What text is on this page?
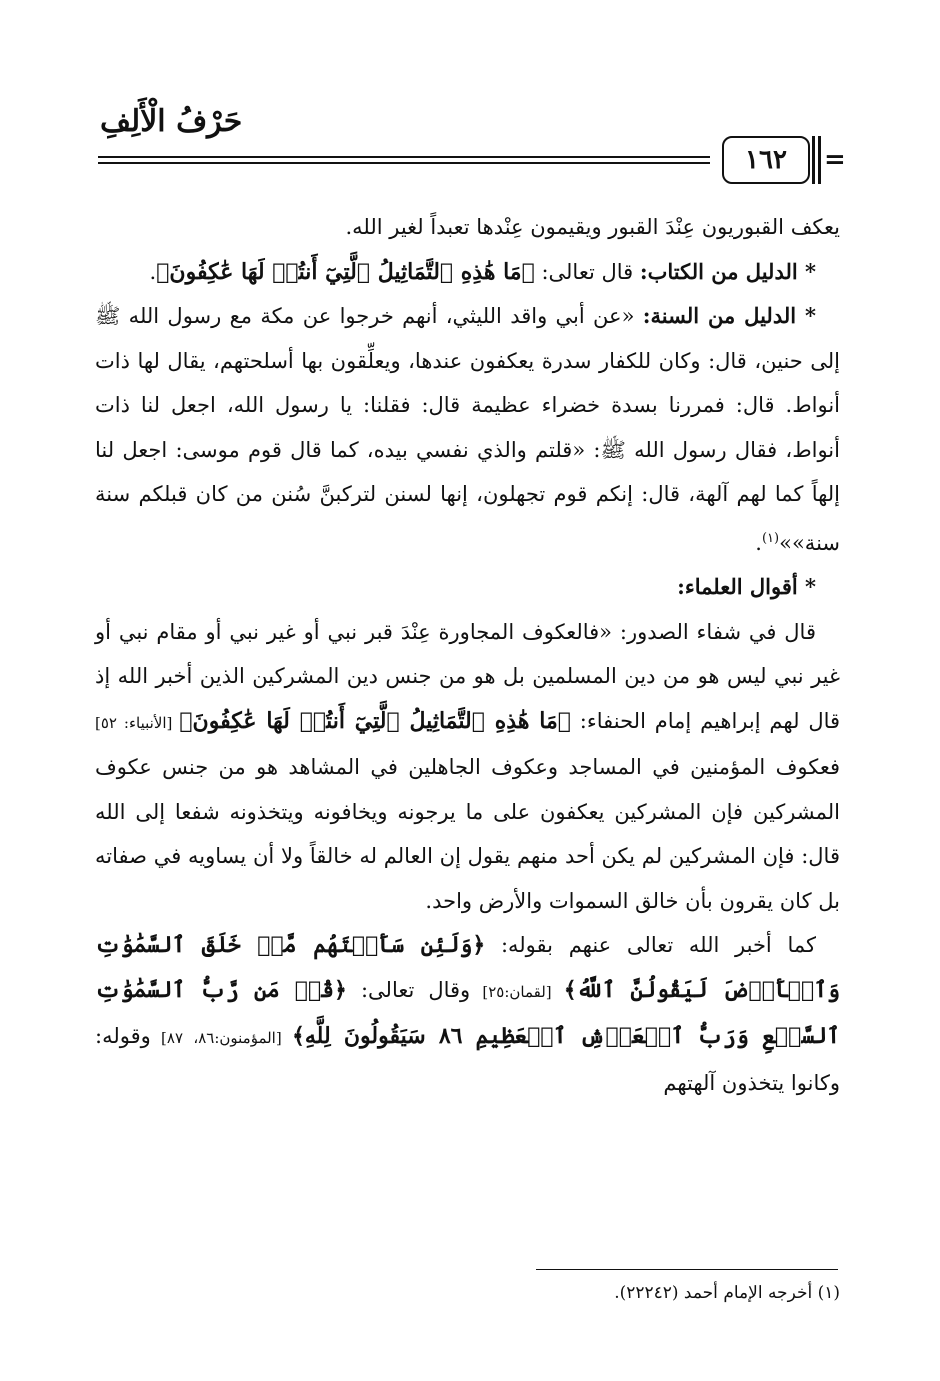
حَرْفُ الْأَلِفِ
١٦٢	=

يعكف القبوريون عِنْدَ القبور ويقيمون عِنْدها تعبداً لغير الله.

* الدليل من الكتاب: قال تعالى: ﴿مَا هَٰذِهِ ٱلتَّمَاثِيلُ ٱلَّتِيٓ أَنتُمۡ لَهَا عَٰكِفُونَ﴾.

* الدليل من السنة: «عن أبي واقد الليثي، أنهم خرجوا عن مكة مع رسول الله ﷺ إلى حنين، قال: وكان للكفار سدرة يعكفون عندها، ويعلِّقون بها أسلحتهم، يقال لها ذات أنواط. قال: فمررنا بسدة خضراء عظيمة قال: فقلنا: يا رسول الله، اجعل لنا ذات أنواط، فقال رسول الله ﷺ: «قلتم والذي نفسي بيده، كما قال قوم موسى: اجعل لنا إلهاً كما لهم آلهة، قال: إنكم قوم تجهلون، إنها لسنن لتركبنَّ سُنن من كان قبلكم سنة سنة»»$^{(١)}$.

* أقوال العلماء:

قال في شفاء الصدور: «فالعكوف المجاورة عِنْدَ قبر نبي أو غير نبي أو مقام نبي أو غير نبي ليس هو من دين المسلمين بل هو من جنس دين المشركين الذين أخبر الله إذ قال لهم إبراهيم إمام الحنفاء: ﴿مَا هَٰذِهِ ٱلتَّمَاثِيلُ ٱلَّتِيٓ أَنتُمۡ لَهَا عَٰكِفُونَ﴾ [الأنبياء: ٥٢] فعكوف المؤمنين في المساجد وعكوف الجاهلين في المشاهد هو من جنس عكوف المشركين فإن المشركين يعكفون على ما يرجونه ويخافونه ويتخذونه شفعا إلى الله قال: فإن المشركين لم يكن أحد منهم يقول إن العالم له خالقاً ولا أن يساويه في صفاته بل كان يقرون بأن خالق السموات والأرض واحد.

كما أخبر الله تعالى عنهم بقوله: ﴿وَلَئِن سَأَلۡتَهُم مَّنۡ خَلَقَ ٱلسَّمَٰوَٰتِ وَٱلۡأَرۡضَ لَيَقُولُنَّ ٱللَّهُ﴾ [لقمان:٢٥] وقال تعالى: ﴿قُلۡ مَن رَّبُّ ٱلسَّمَٰوَٰتِ ٱلسَّبۡعِ وَرَبُّ ٱلۡعَرۡشِ ٱلۡعَظِيمِ ٨٦ سَيَقُولُونَ لِلَّهِ﴾ [المؤمنون:٨٦، ٨٧] وقوله: وكانوا يتخذون آلهتهم

(١) أخرجه الإمام أحمد (٢٢٢٤٢).
